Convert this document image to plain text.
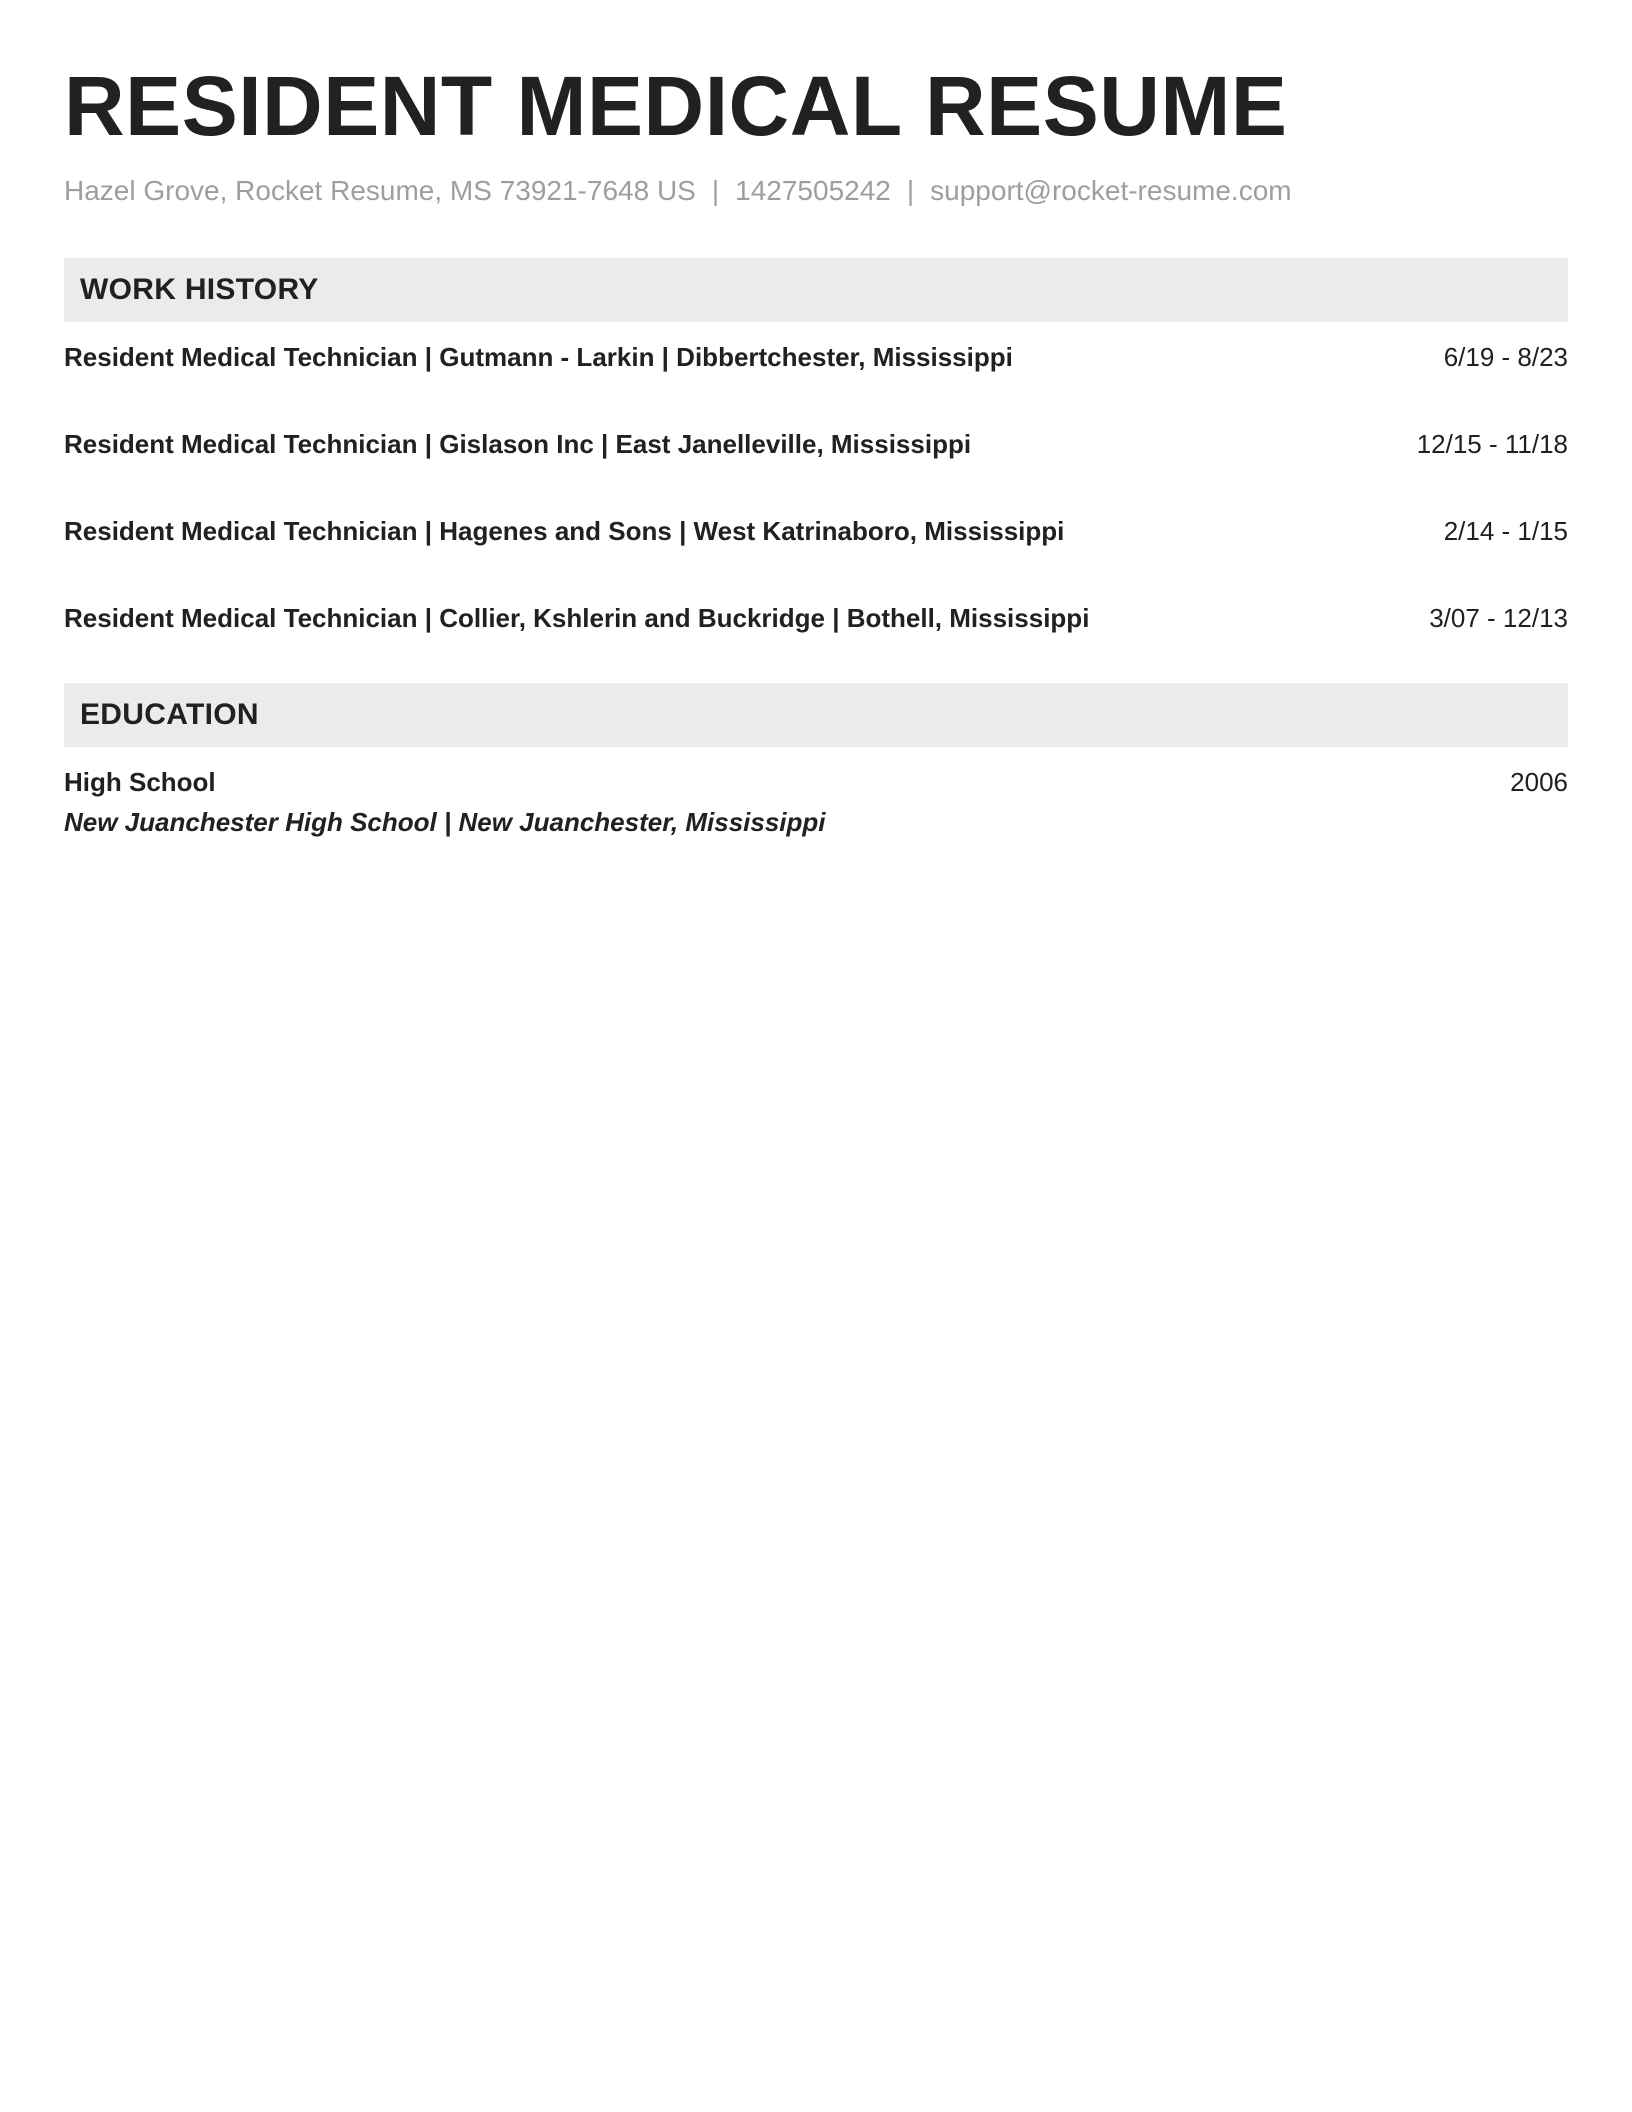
RESIDENT MEDICAL RESUME
Hazel Grove, Rocket Resume, MS 73921-7648 US | 1427505242 | support@rocket-resume.com
WORK HISTORY
Resident Medical Technician | Gutmann - Larkin | Dibbertchester, Mississippi	6/19 - 8/23
Resident Medical Technician | Gislason Inc | East Janelleville, Mississippi	12/15 - 11/18
Resident Medical Technician | Hagenes and Sons | West Katrinaboro, Mississippi	2/14 - 1/15
Resident Medical Technician | Collier, Kshlerin and Buckridge | Bothell, Mississippi	3/07 - 12/13
EDUCATION
High School	2006
New Juanchester High School | New Juanchester, Mississippi
